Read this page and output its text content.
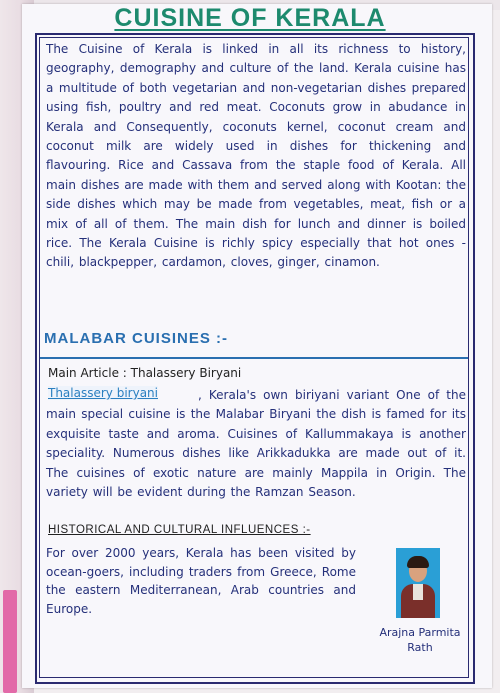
CUISINE OF KERALA
The Cuisine of Kerala is linked in all its richness to history, geography, demography and culture of the land. Kerala cuisine has a multitude of both vegetarian and non-vegetarian dishes prepared using fish, poultry and red meat. Coconuts grow in abudance in Kerala and Consequently, coconuts kernel, coconut cream and coconut milk are widely used in dishes for thickening and flavouring. Rice and Cassava from the staple food of Kerala. All main dishes are made with them and served along with Kootan: the side dishes which may be made from vegetables, meat, fish or a mix of all of them. The main dish for lunch and dinner is boiled rice. The Kerala Cuisine is richly spicy especially that hot ones - chili, blackpepper, cardamon, cloves, ginger, cinamon.
MALABAR CUISINES :-
Main Article : Thalassery Biryani
, Kerala's own biriyani variant One of the main special cuisine is the Malabar Biryani the dish is famed for its exquisite taste and aroma. Cuisines of Kallummakaya is another speciality. Numerous dishes like Arikkadukka are made out of it. The cuisines of exotic nature are mainly Mappila in Origin. The variety will be evident during the Ramzan Season.
Thalassery biryani
HISTORICAL AND CULTURAL INFLUENCES :-
For over 2000 years, Kerala has been visited by ocean-goers, including traders from Greece, Rome the eastern Mediterranean, Arab countries and Europe.
Arajna Parmita
Rath
